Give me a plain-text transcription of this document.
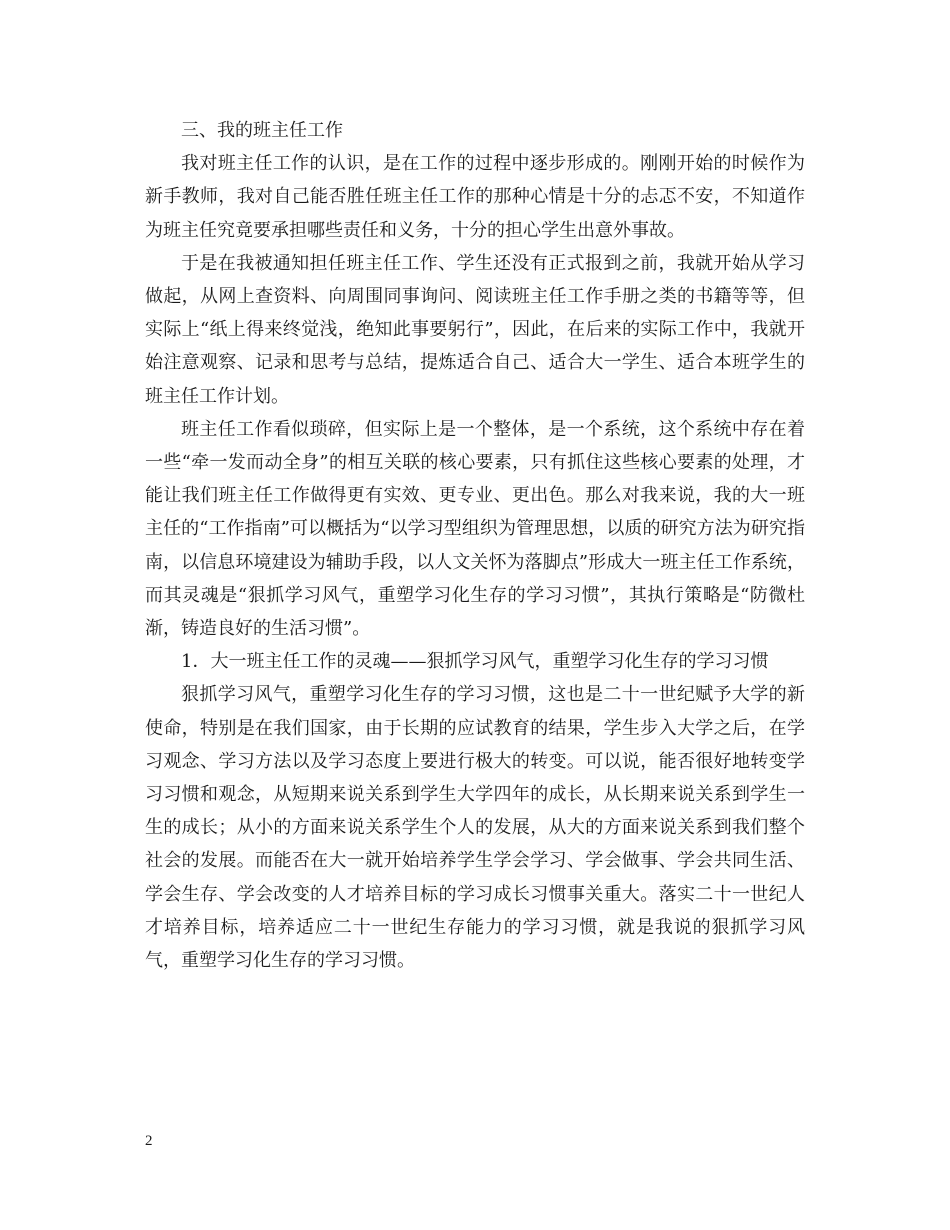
三、我的班主任工作

我对班主任工作的认识，是在工作的过程中逐步形成的。刚刚开始的时候作为新手教师，我对自己能否胜任班主任工作的那种心情是十分的忐忑不安，不知道作为班主任究竟要承担哪些责任和义务，十分的担心学生出意外事故。

于是在我被通知担任班主任工作、学生还没有正式报到之前，我就开始从学习做起，从网上查资料、向周围同事询问、阅读班主任工作手册之类的书籍等等，但实际上“纸上得来终觉浅，绝知此事要躬行”，因此，在后来的实际工作中，我就开始注意观察、记录和思考与总结，提炼适合自己、适合大一学生、适合本班学生的班主任工作计划。

班主任工作看似琐碎，但实际上是一个整体，是一个系统，这个系统中存在着一些“牵一发而动全身”的相互关联的核心要素，只有抓住这些核心要素的处理，才能让我们班主任工作做得更有实效、更专业、更出色。那么对我来说，我的大一班主任的“工作指南”可以概括为“以学习型组织为管理思想，以质的研究方法为研究指南，以信息环境建设为辅助手段，以人文关怀为落脚点”形成大一班主任工作系统，而其灵魂是“狠抓学习风气，重塑学习化生存的学习习惯”，其执行策略是“防微杜渐，铸造良好的生活习惯”。

1．大一班主任工作的灵魂——狠抓学习风气，重塑学习化生存的学习习惯

狠抓学习风气，重塑学习化生存的学习习惯，这也是二十一世纪赋予大学的新使命，特别是在我们国家，由于长期的应试教育的结果，学生步入大学之后，在学习观念、学习方法以及学习态度上要进行极大的转变。可以说，能否很好地转变学习习惯和观念，从短期来说关系到学生大学四年的成长，从长期来说关系到学生一生的成长；从小的方面来说关系学生个人的发展，从大的方面来说关系到我们整个社会的发展。而能否在大一就开始培养学生学会学习、学会做事、学会共同生活、学会生存、学会改变的人才培养目标的学习成长习惯事关重大。落实二十一世纪人才培养目标，培养适应二十一世纪生存能力的学习习惯，就是我说的狠抓学习风气，重塑学习化生存的学习习惯。

2
